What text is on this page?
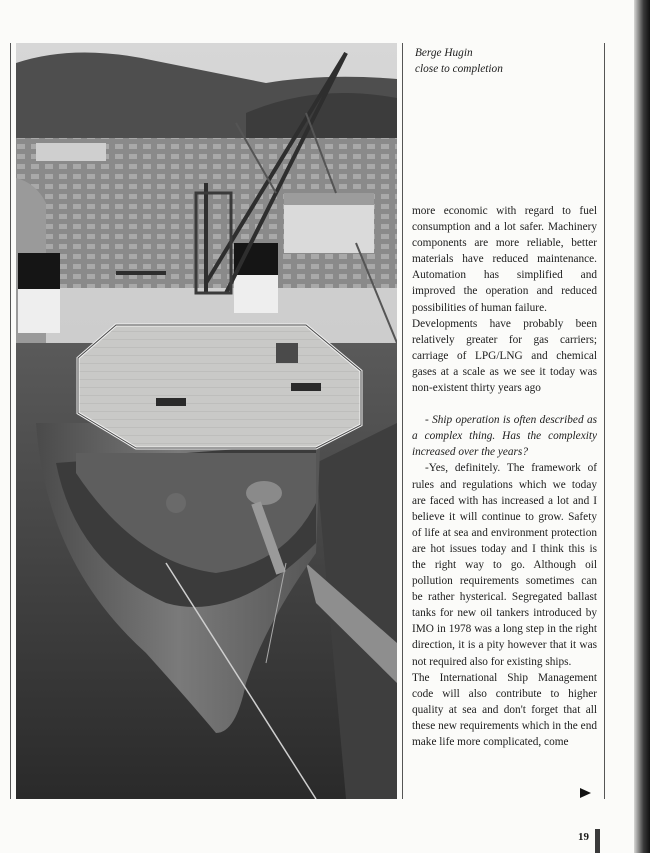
Berge Hugin
close to completion

more economic with regard to fuel consumption and a lot safer. Machinery components are more reliable, better materials have reduced maintenance. Automation has simplified and improved the operation and reduced possibilities of human failure.

Developments have probably been relatively greater for gas carriers; carriage of LPG/LNG and chemical gases at a scale as we see it today was non-existent thirty years ago

- Ship operation is often described as a complex thing. Has the complexity increased over the years?

-Yes, definitely. The framework of rules and regulations which we today are faced with has increased a lot and I believe it will continue to grow. Safety of life at sea and environment protection are hot issues today and I think this is the right way to go. Although oil pollution requirements sometimes can be rather hysterical. Segregated ballast tanks for new oil tankers introduced by IMO in 1978 was a long step in the right direction, it is a pity however that it was not required also for existing ships.

The International Ship Management code will also contribute to higher quality at sea and don't forget that all these new requirements which in the end make life more complicated, come

19
